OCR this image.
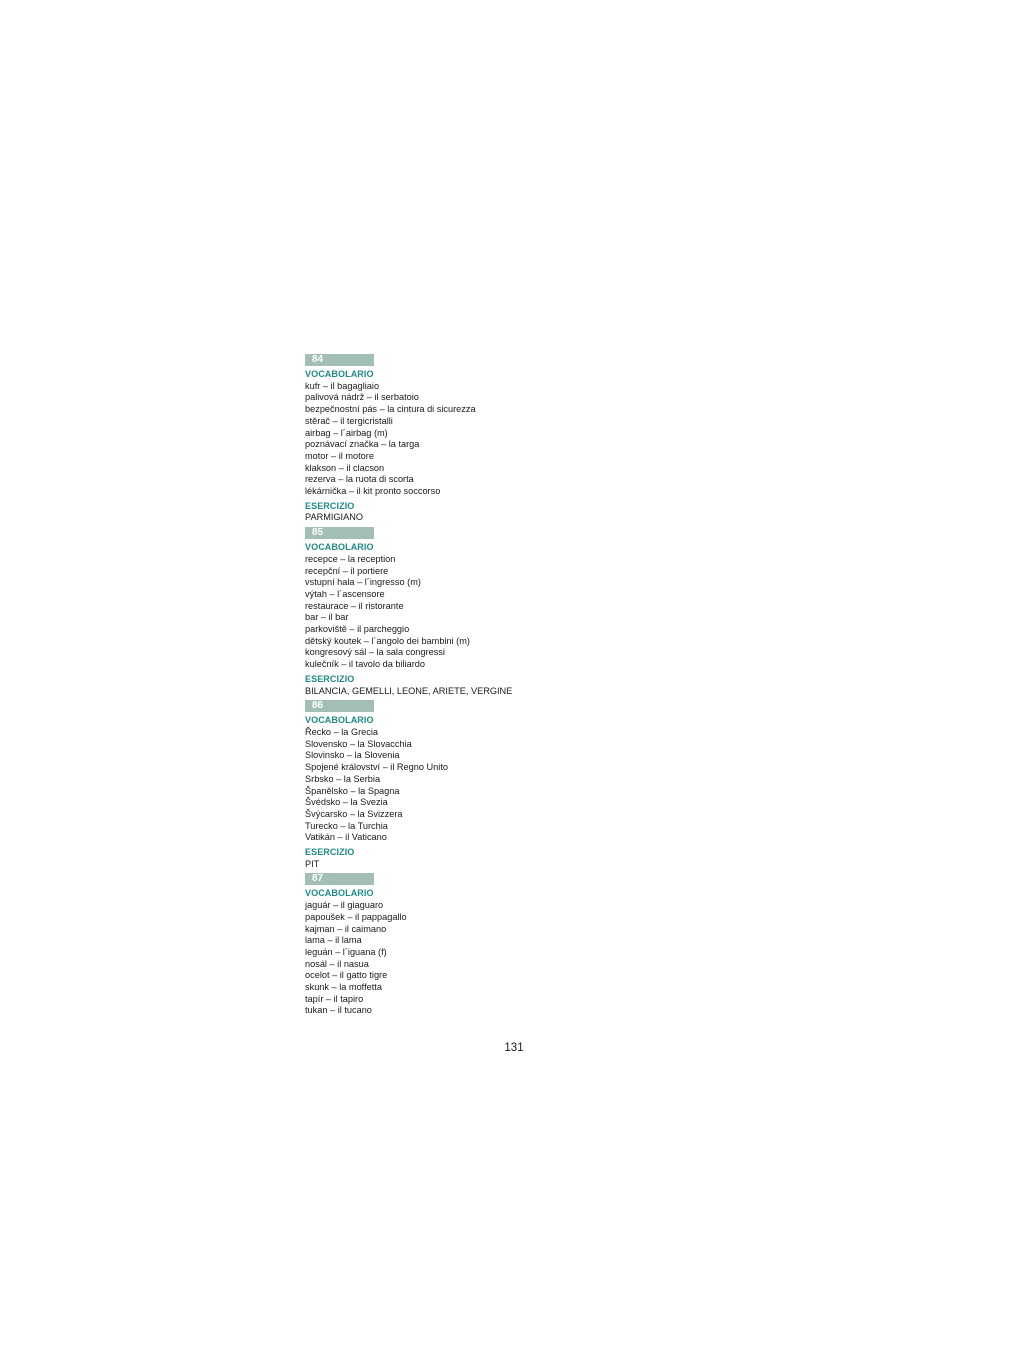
84
VOCABOLARIO
kufr – il bagagliaio
palivová nádrž – il serbatoio
bezpečnostní pás – la cintura di sicurezza
stěrač – il tergicristalli
airbag – l´airbag (m)
poznávací značka – la targa
motor – il motore
klakson – il clacson
rezerva – la ruota di scorta
lékárnička – il kit pronto soccorso
ESERCIZIO
PARMIGIANO
85
VOCABOLARIO
recepce – la reception
recepční – il portiere
vstupní hala – l´ingresso (m)
výtah – l´ascensore
restaurace – il ristorante
bar – il bar
parkoviště – il parcheggio
dětský koutek – l´angolo dei bambini (m)
kongresový sál – la sala congressi
kulečník – il tavolo da biliardo
ESERCIZIO
BILANCIA, GEMELLI, LEONE, ARIETE, VERGINE
86
VOCABOLARIO
Řecko – la Grecia
Slovensko – la Slovacchia
Slovinsko – la Slovenia
Spojené království – il Regno Unito
Srbsko – la Serbia
Španělsko – la Spagna
Švédsko – la Svezia
Švýcarsko – la Svizzera
Turecko – la Turchia
Vatikán – il Vaticano
ESERCIZIO
PIT
87
VOCABOLARIO
jaguár – il giaguaro
papoušek – il pappagallo
kajman – il caimano
lama – il lama
leguán – l´iguana (f)
nosál – il nasua
ocelot – il gatto tigre
skunk – la moffetta
tapír – il tapiro
tukan – il tucano
131
